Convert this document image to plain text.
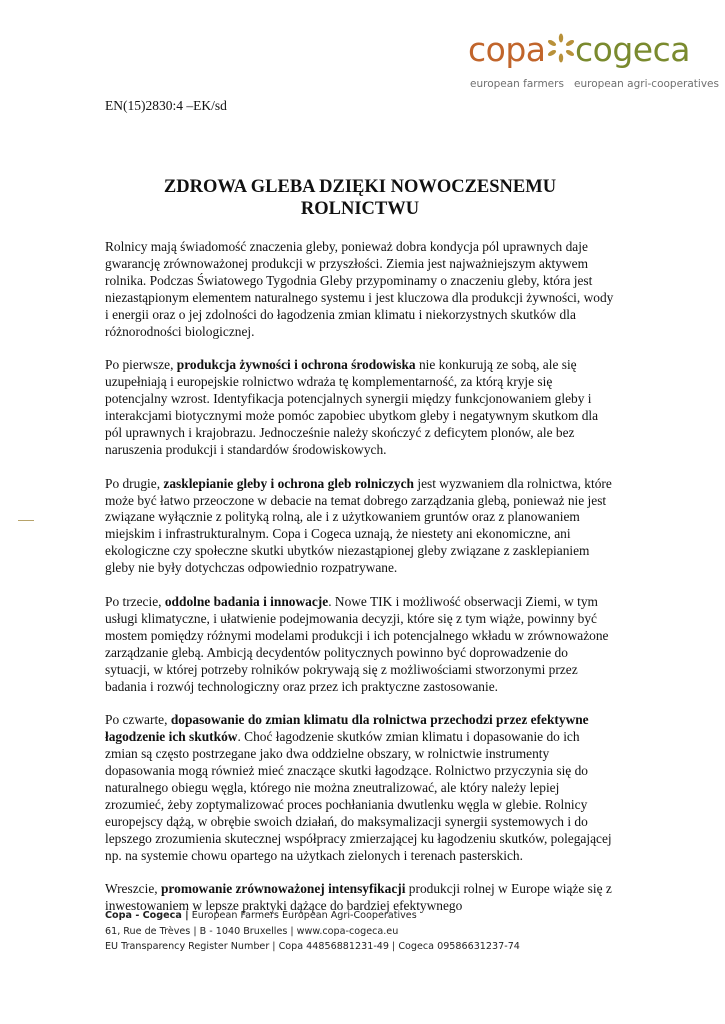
copa cogeca
european farmers european agri-cooperatives
EN(15)2830:4 –EK/sd
ZDROWA GLEBA DZIĘKI NOWOCZESNEMU ROLNICTWU

Rolnicy mają świadomość znaczenia gleby, ponieważ dobra kondycja pól uprawnych daje gwarancję zrównoważonej produkcji w przyszłości. Ziemia jest najważniejszym aktywem rolnika. Podczas Światowego Tygodnia Gleby przypominamy o znaczeniu gleby, która jest niezastąpionym elementem naturalnego systemu i jest kluczowa dla produkcji żywności, wody i energii oraz o jej zdolności do łagodzenia zmian klimatu i niekorzystnych skutków dla różnorodności biologicznej.

Po pierwsze, produkcja żywności i ochrona środowiska nie konkurują ze sobą, ale się uzupełniają i europejskie rolnictwo wdraża tę komplementarność, za którą kryje się potencjalny wzrost. Identyfikacja potencjalnych synergii między funkcjonowaniem gleby i interakcjami biotycznymi może pomóc zapobiec ubytkom gleby i negatywnym skutkom dla pól uprawnych i krajobrazu. Jednocześnie należy skończyć z deficytem plonów, ale bez naruszenia produkcji i standardów środowiskowych.

Po drugie, zasklepianie gleby i ochrona gleb rolniczych jest wyzwaniem dla rolnictwa, które może być łatwo przeoczone w debacie na temat dobrego zarządzania glebą, ponieważ nie jest związane wyłącznie z polityką rolną, ale i z użytkowaniem gruntów oraz z planowaniem miejskim i infrastrukturalnym. Copa i Cogeca uznają, że niestety ani ekonomiczne, ani ekologiczne czy społeczne skutki ubytków niezastąpionej gleby związane z zasklepianiem gleby nie były dotychczas odpowiednio rozpatrywane.

Po trzecie, oddolne badania i innowacje. Nowe TIK i możliwość obserwacji Ziemi, w tym usługi klimatyczne, i ułatwienie podejmowania decyzji, które się z tym wiąże, powinny być mostem pomiędzy różnymi modelami produkcji i ich potencjalnego wkładu w zrównoważone zarządzanie glebą. Ambicją decydentów politycznych powinno być doprowadzenie do sytuacji, w której potrzeby rolników pokrywają się z możliwościami stworzonymi przez badania i rozwój technologiczny oraz przez ich praktyczne zastosowanie.

Po czwarte, dopasowanie do zmian klimatu dla rolnictwa przechodzi przez efektywne łagodzenie ich skutków. Choć łagodzenie skutków zmian klimatu i dopasowanie do ich zmian są często postrzegane jako dwa oddzielne obszary, w rolnictwie instrumenty dopasowania mogą również mieć znaczące skutki łagodzące. Rolnictwo przyczynia się do naturalnego obiegu węgla, którego nie można zneutralizować, ale który należy lepiej zrozumieć, żeby zoptymalizować proces pochłaniania dwutlenku węgla w glebie. Rolnicy europejscy dążą, w obrębie swoich działań, do maksymalizacji synergii systemowych i do lepszego zrozumienia skutecznej współpracy zmierzającej ku łagodzeniu skutków, polegającej np. na systemie chowu opartego na użytkach zielonych i terenach pasterskich.

Wreszcie, promowanie zrównoważonej intensyfikacji produkcji rolnej w Europe wiąże się z inwestowaniem w lepsze praktyki dążące do bardziej efektywnego

Copa - Cogeca | European Farmers European Agri-Cooperatives
61, Rue de Trèves | B - 1040 Bruxelles | www.copa-cogeca.eu
EU Transparency Register Number | Copa 44856881231-49 | Cogeca 09586631237-74
